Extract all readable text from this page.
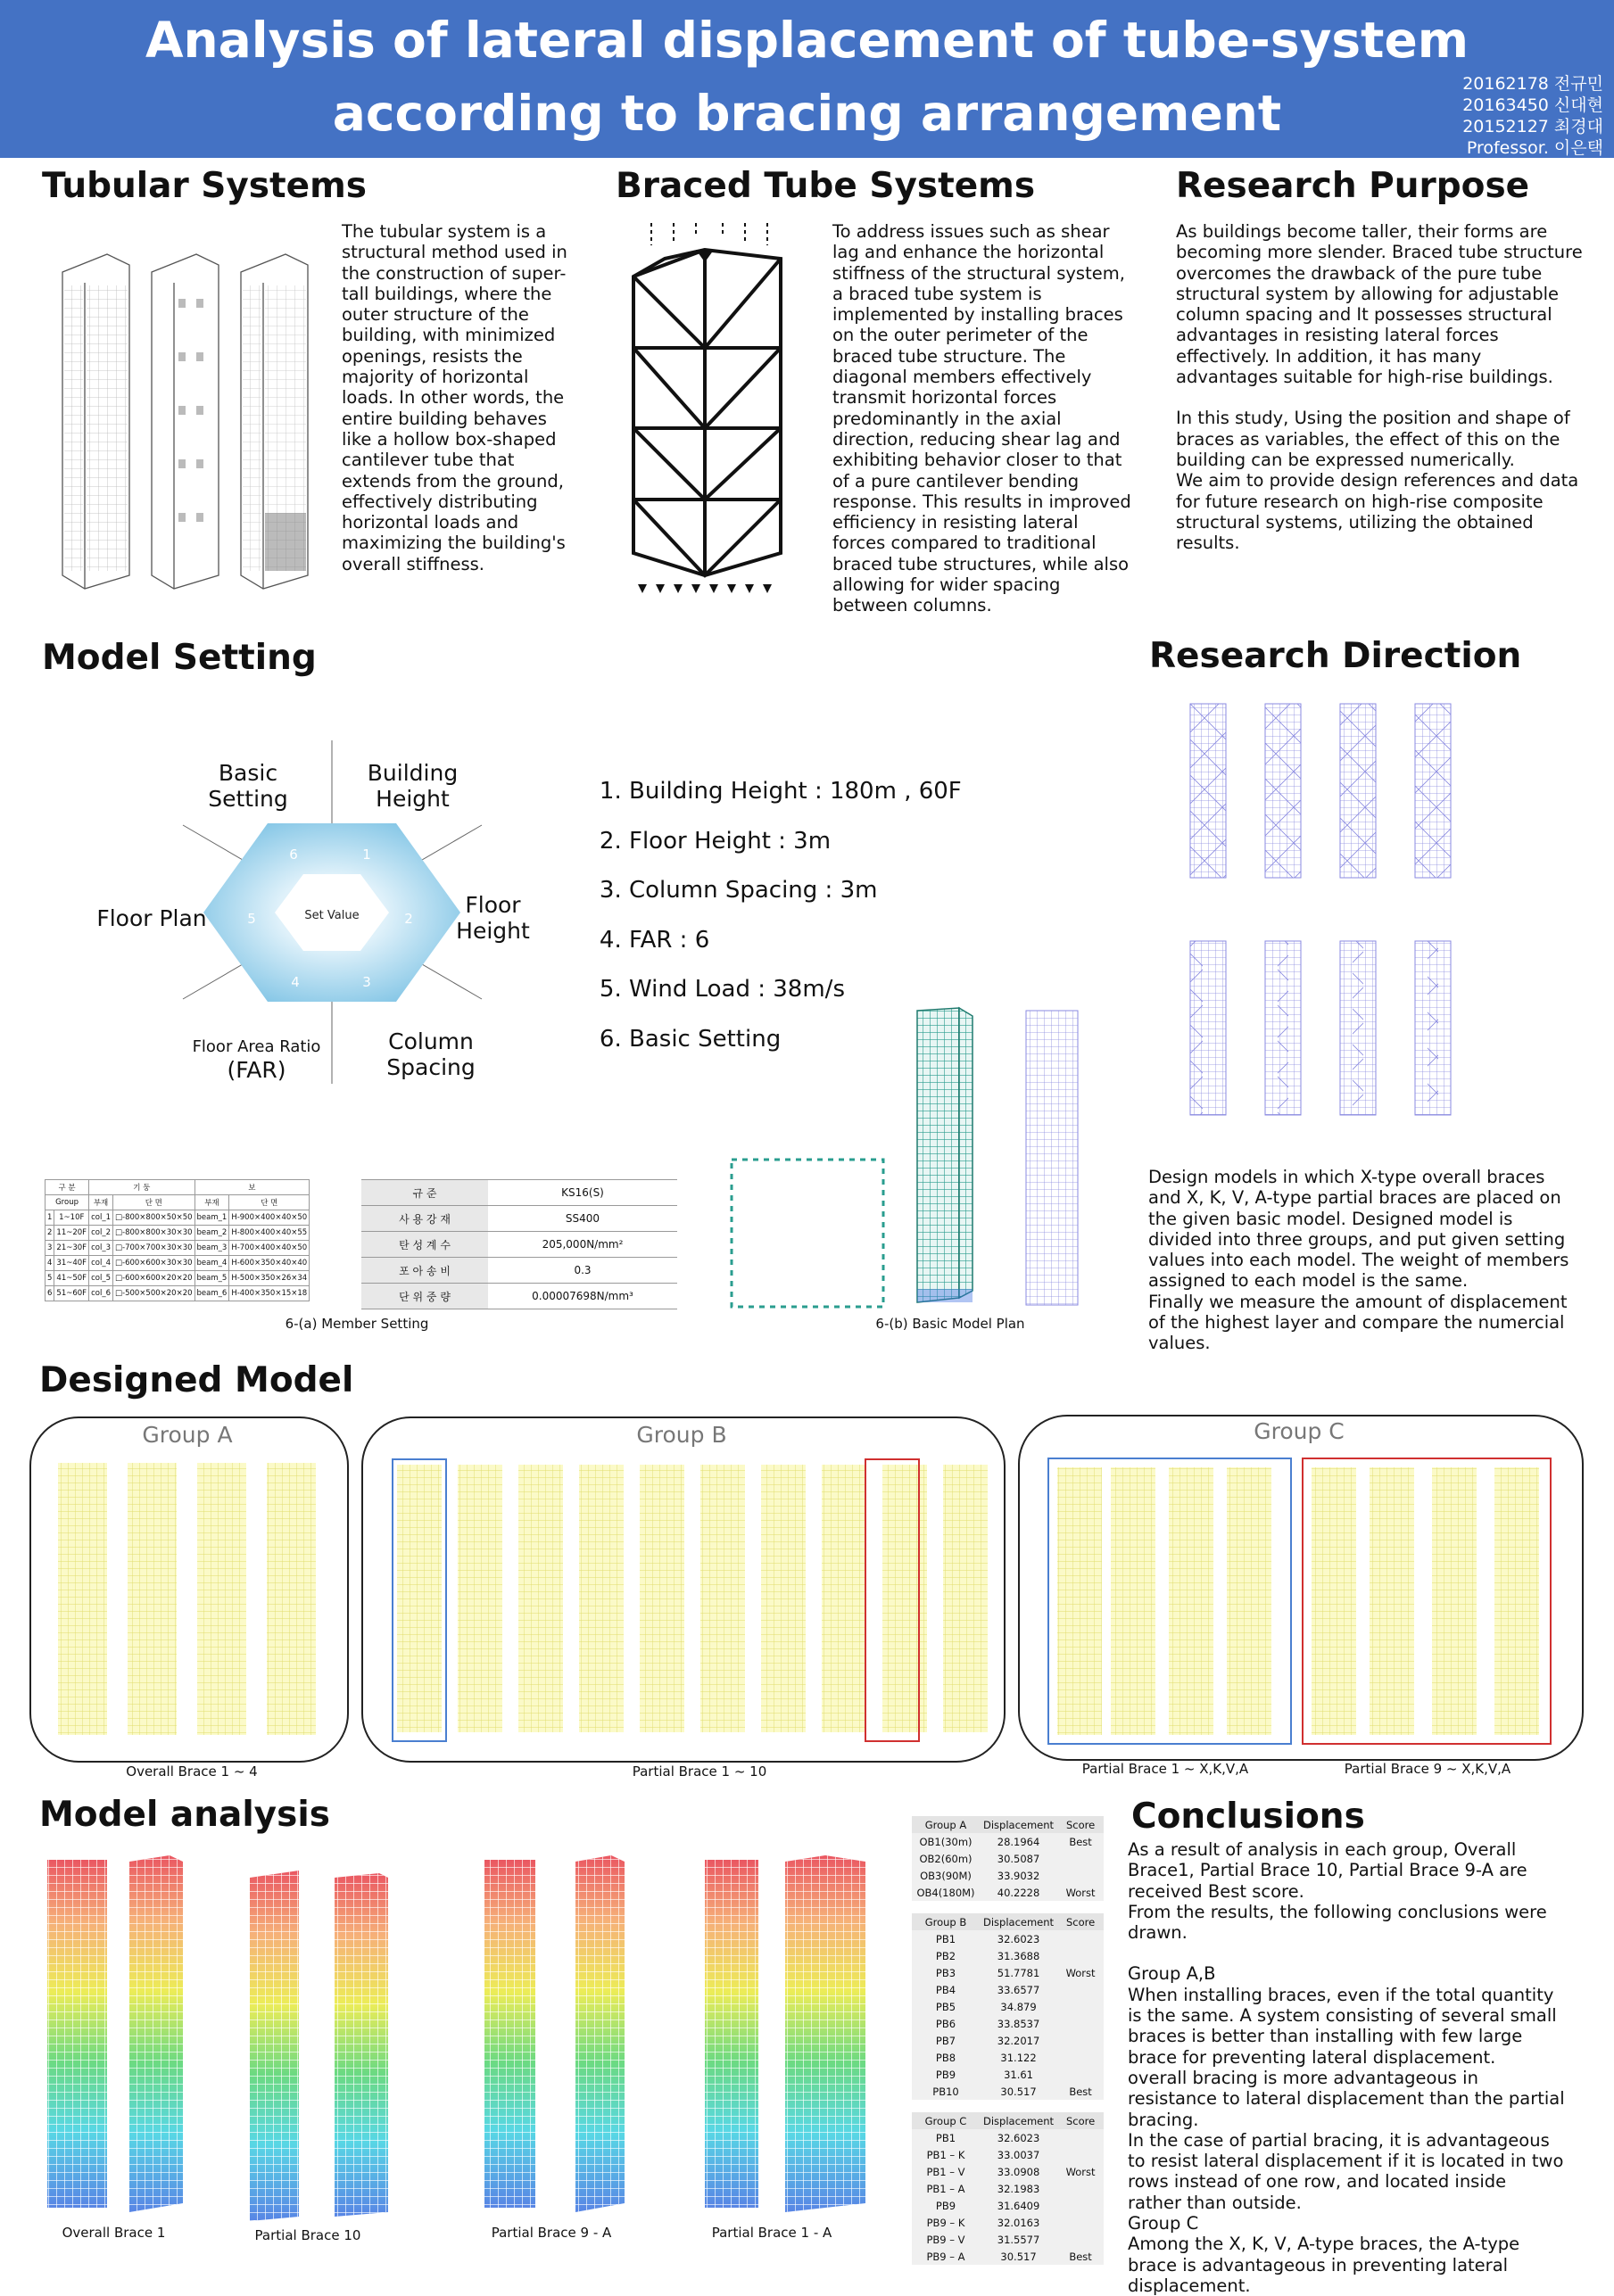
Analysis of lateral displacement of tube-system
according to bracing arrangement
20162178 전규민
20163450 신대현
20152127 최경대
Professor. 이은택
Tubular Systems
The tubular system is a structural method used in the construction of super-tall buildings, where the outer structure of the building, with minimized openings, resists the majority of horizontal loads. In other words, the entire building behaves like a hollow box-shaped cantilever tube that extends from the ground, effectively distributing horizontal loads and maximizing the building's overall stiffness.
Braced Tube Systems
To address issues such as shear lag and enhance the horizontal stiffness of the structural system, a braced tube system is implemented by installing braces on the outer perimeter of the braced tube structure. The diagonal members effectively transmit horizontal forces predominantly in the axial direction, reducing shear lag and exhibiting behavior closer to that of a pure cantilever bending response. This results in improved efficiency in resisting lateral forces compared to traditional braced tube structures, while also allowing for wider spacing between columns.
Research Purpose

As buildings become taller, their forms are becoming more slender. Braced tube structure overcomes the drawback of the pure tube structural system by allowing for adjustable column spacing and It possesses structural advantages in resisting lateral forces effectively. In addition, it has many advantages suitable for high-rise buildings.

In this study, Using the position and shape of braces as variables, the effect of this on the building can be expressed numerically.

We aim to provide design references and data for future research on high-rise composite structural systems, utilizing the obtained results.

Model Setting
Set Value
1
2
3
4
5
6
Basic Setting
Building Height
Floor Height
Column Spacing
Floor Area Ratio
(FAR)
Floor Plan
1. Building Height : 180m , 60F
2. Floor Height : 3m
3. Column Spacing : 3m
4. FAR : 6
5. Wind Load : 38m/s
6. Basic Setting
구 분		기 둥		보	
Group		부재	단 면	부재	단 면
1	1~10F	col_1	□-800×800×50×50	beam_1	H-900×400×40×50
2	11~20F	col_2	□-800×800×30×30	beam_2	H-800×400×40×55
3	21~30F	col_3	□-700×700×30×30	beam_3	H-700×400×40×50
4	31~40F	col_4	□-600×600×30×30	beam_4	H-600×350×40×40
5	41~50F	col_5	□-600×600×20×20	beam_5	H-500×350×26×34
6	51~60F	col_6	□-500×500×20×20	beam_6	H-400×350×15×18
규 준	KS16(S)
사 용 강 재	SS400
탄 성 계 수	205,000N/mm²
포 아 송 비	0.3
단 위 중 량	0.00007698N/mm³
6-(a) Member Setting	6-(b) Basic Model Plan
Research Direction

Design models in which X-type overall braces and X, K, V, A-type partial braces are placed on the given basic model. Designed model is divided into three groups, and put given setting values into each model. The weight of members assigned to each model is the same.

Finally we measure the amount of displacement of the highest layer and compare the numercial values.

Designed Model
Group A
Overall Brace 1 ~ 4
Group B
Partial Brace 1 ~ 10
Group C
Partial Brace 1 ~ X,K,V,A	Partial Brace 9 ~ X,K,V,A
Model analysis
Overall Brace 1	Partial Brace 10	Partial Brace 9 - A	Partial Brace 1 - A
Group A	Displacement	Score
OB1(30m)	28.1964	Best
OB2(60m)	30.5087	
OB3(90M)	33.9032	
OB4(180M)	40.2228	Worst

Group B	Displacement	Score
PB1	32.6023	
PB2	31.3688	
PB3	51.7781	Worst
PB4	33.6577	
PB5	34.879	
PB6	33.8537	
PB7	32.2017	
PB8	31.122	
PB9	31.61	
PB10	30.517	Best

Group C	Displacement	Score
PB1	32.6023	
PB1 – K	33.0037	
PB1 – V	33.0908	Worst
PB1 – A	32.1983	
PB9	31.6409	
PB9 – K	32.0163	
PB9 – V	31.5577	
PB9 – A	30.517	Best
Conclusions

As a result of analysis in each group, Overall Brace1, Partial Brace 10, Partial Brace 9-A are received Best score.

From the results, the following conclusions were drawn.

Group A,B

When installing braces, even if the total quantity is the same. A system consisting of several small braces is better than installing with few large brace for preventing lateral displacement.

overall bracing is more advantageous in resistance to lateral displacement than the partial bracing.

In the case of partial bracing, it is advantageous to resist lateral displacement if it is located in two rows instead of one row, and located inside rather than outside.

Group C

Among the X, K, V, A-type braces, the A-type brace is advantageous in preventing lateral displacement.
